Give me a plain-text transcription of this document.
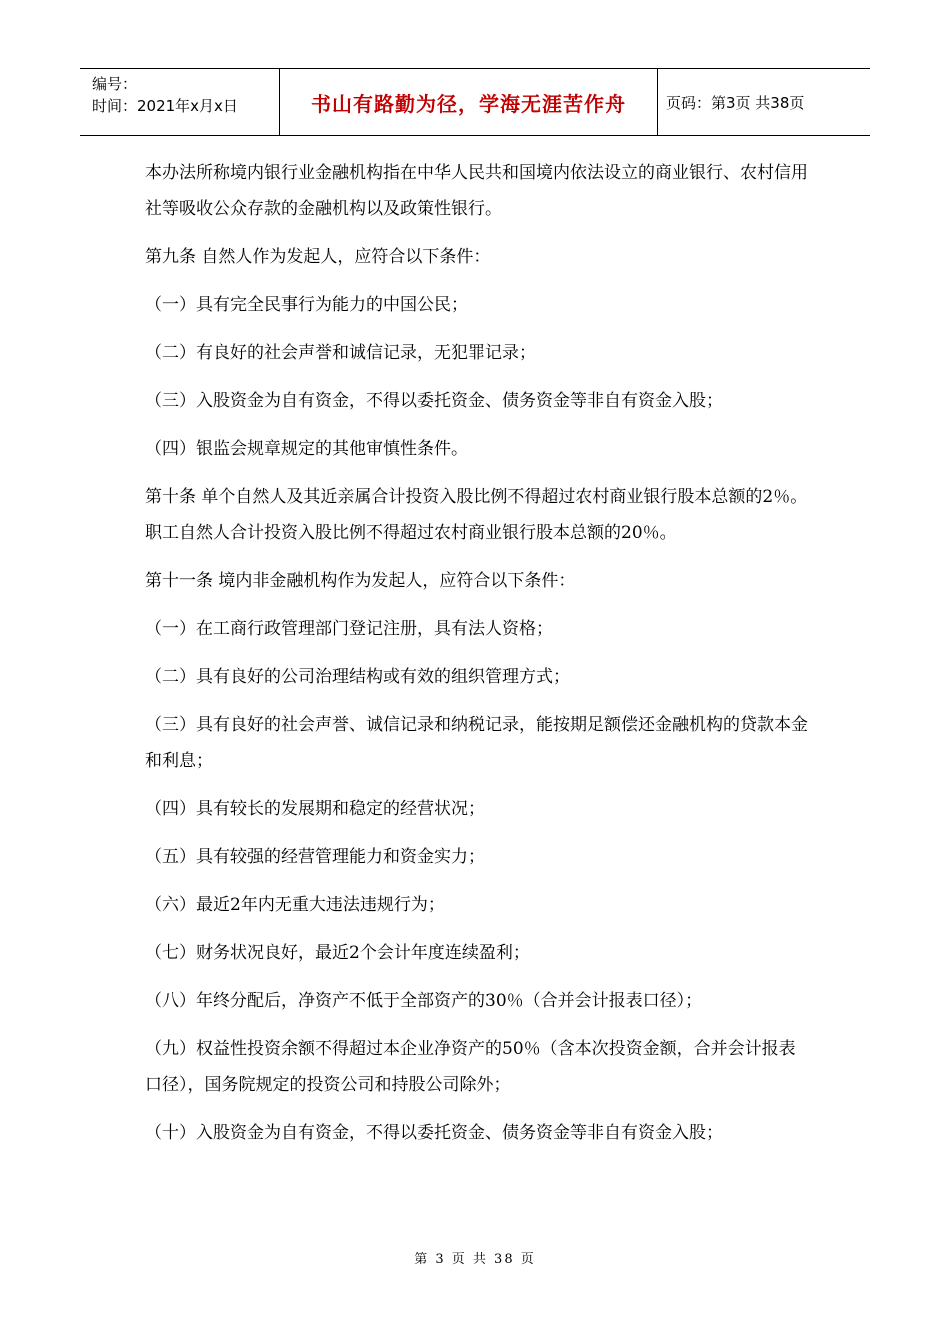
编号：
时间：2021年x月x日	书山有路勤为径，学海无涯苦作舟	页码：第3页 共38页

本办法所称境内银行业金融机构指在中华人民共和国境内依法设立的商业银行、农村信用社等吸收公众存款的金融机构以及政策性银行。

第九条 自然人作为发起人，应符合以下条件：

（一）具有完全民事行为能力的中国公民；

（二）有良好的社会声誉和诚信记录，无犯罪记录；

（三）入股资金为自有资金，不得以委托资金、债务资金等非自有资金入股；

（四）银监会规章规定的其他审慎性条件。

第十条 单个自然人及其近亲属合计投资入股比例不得超过农村商业银行股本总额的2％。职工自然人合计投资入股比例不得超过农村商业银行股本总额的20％。

第十一条 境内非金融机构作为发起人，应符合以下条件：

（一）在工商行政管理部门登记注册，具有法人资格；

（二）具有良好的公司治理结构或有效的组织管理方式；

（三）具有良好的社会声誉、诚信记录和纳税记录，能按期足额偿还金融机构的贷款本金和利息；

（四）具有较长的发展期和稳定的经营状况；

（五）具有较强的经营管理能力和资金实力；

（六）最近2年内无重大违法违规行为；

（七）财务状况良好，最近2个会计年度连续盈利；

（八）年终分配后，净资产不低于全部资产的30％（合并会计报表口径）；

（九）权益性投资余额不得超过本企业净资产的50％（含本次投资金额，合并会计报表口径），国务院规定的投资公司和持股公司除外；

（十）入股资金为自有资金，不得以委托资金、债务资金等非自有资金入股；

第 3 页 共 38 页
